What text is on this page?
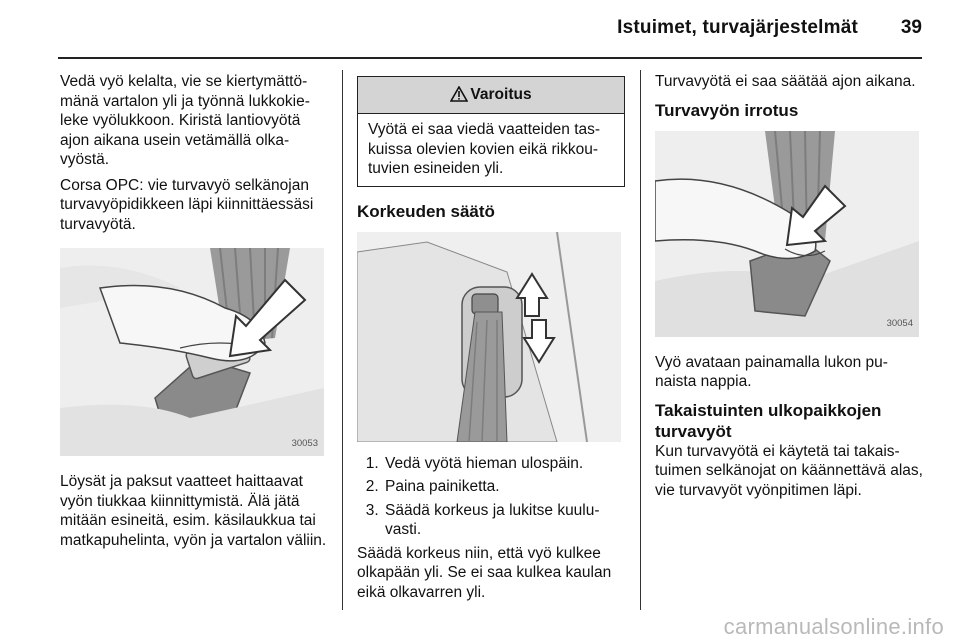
Istuimet, turvajärjestelmät 39

Vedä vyö kelalta, vie se kiertymättömänä vartalon yli ja työnnä lukkokieleke vyölukkoon. Kiristä lantiovyötä ajon aikana usein vetämällä olkavyöstä.

Corsa OPC: vie turvavyö selkänojan turvavyöpidikkeen läpi kiinnittäessäsi turvavyötä.

30053

Löysät ja paksut vaatteet haittaavat vyön tiukkaa kiinnittymistä. Älä jätä mitään esineitä, esim. käsilaukkua tai matkapuhelinta, vyön ja vartalon väliin.

Varoitus
Vyötä ei saa viedä vaatteiden taskuissa olevien kovien eikä rikkoutuvien esineiden yli.
Korkeuden säätö
1. Vedä vyötä hieman ulospäin.
2. Paina painiketta.
3. Säädä korkeus ja lukitse kuuluvasti.

Säädä korkeus niin, että vyö kulkee olkapään yli. Se ei saa kulkea kaulan eikä olkavarren yli.

Turvavyötä ei saa säätää ajon aikana.

Turvavyön irrotus
30054

Vyö avataan painamalla lukon punaista nappia.

Takaistuinten ulkopaikkojen turvavyöt

Kun turvavyötä ei käytetä tai takaistuimen selkänojat on käännettävä alas, vie turvavyöt vyönpitimen läpi.

carmanualsonline.info
